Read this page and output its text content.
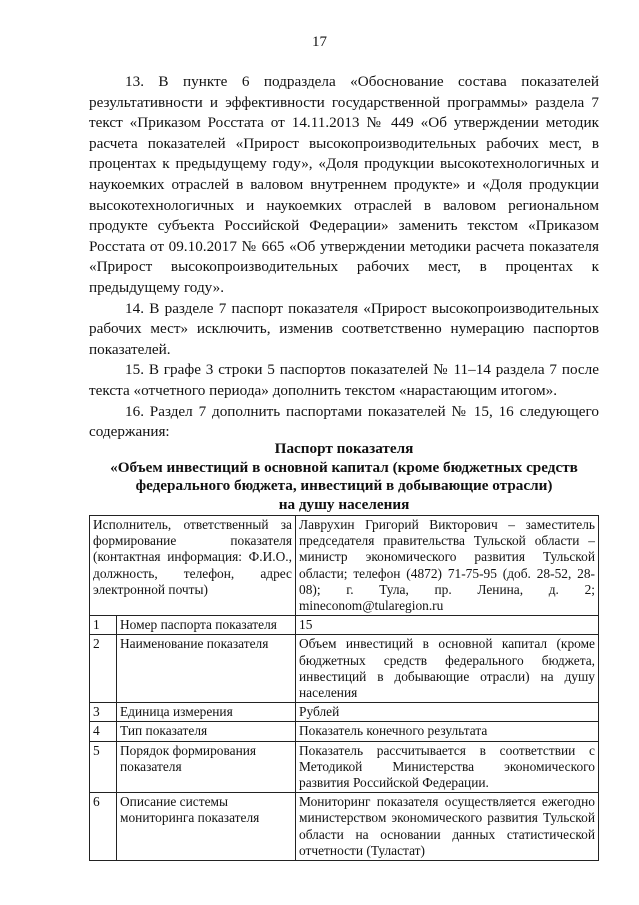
17

13. В пункте 6 подраздела «Обоснование состава показателей результативности и эффективности государственной программы» раздела 7 текст «Приказом Росстата от 14.11.2013 № 449 «Об утверждении методик расчета показателей «Прирост высокопроизводительных рабочих мест, в процентах к предыдущему году», «Доля продукции высокотехнологичных и наукоемких отраслей в валовом внутреннем продукте» и «Доля продукции высокотехнологичных и наукоемких отраслей в валовом региональном продукте субъекта Российской Федерации» заменить текстом «Приказом Росстата от 09.10.2017 № 665 «Об утверждении методики расчета показателя «Прирост высокопроизводительных рабочих мест, в процентах к предыдущему году».

14. В разделе 7 паспорт показателя «Прирост высокопроизводительных рабочих мест» исключить, изменив соответственно нумерацию паспортов показателей.

15. В графе 3 строки 5 паспортов показателей № 11–14 раздела 7 после текста «отчетного периода» дополнить текстом «нарастающим итогом».

16. Раздел 7 дополнить паспортами показателей № 15, 16 следующего содержания:

Паспорт показателя
«Объем инвестиций в основной капитал (кроме бюджетных средств
федерального бюджета, инвестиций в добывающие отрасли)
на душу населения
Исполнитель, ответственный за формирование показателя (контактная информация: Ф.И.О., должность, телефон, адрес электронной почты)		Лаврухин Григорий Викторович – заместитель председателя правительства Тульской области – министр экономического развития Тульской области; телефон (4872) 71-75-95 (доб. 28-52, 28-08); г. Тула, пр. Ленина, д. 2; mineconom@tularegion.ru
1	Номер паспорта показателя	15
2	Наименование показателя	Объем инвестиций в основной капитал (кроме бюджетных средств федерального бюджета, инвестиций в добывающие отрасли) на душу населения
3	Единица измерения	Рублей
4	Тип показателя	Показатель конечного результата
5	Порядок формирования показателя	Показатель рассчитывается в соответствии с Методикой Министерства экономического развития Российской Федерации.
6	Описание системы мониторинга показателя	Мониторинг показателя осуществляется ежегодно министерством экономического развития Тульской области на основании данных статистической отчетности (Туластат)
